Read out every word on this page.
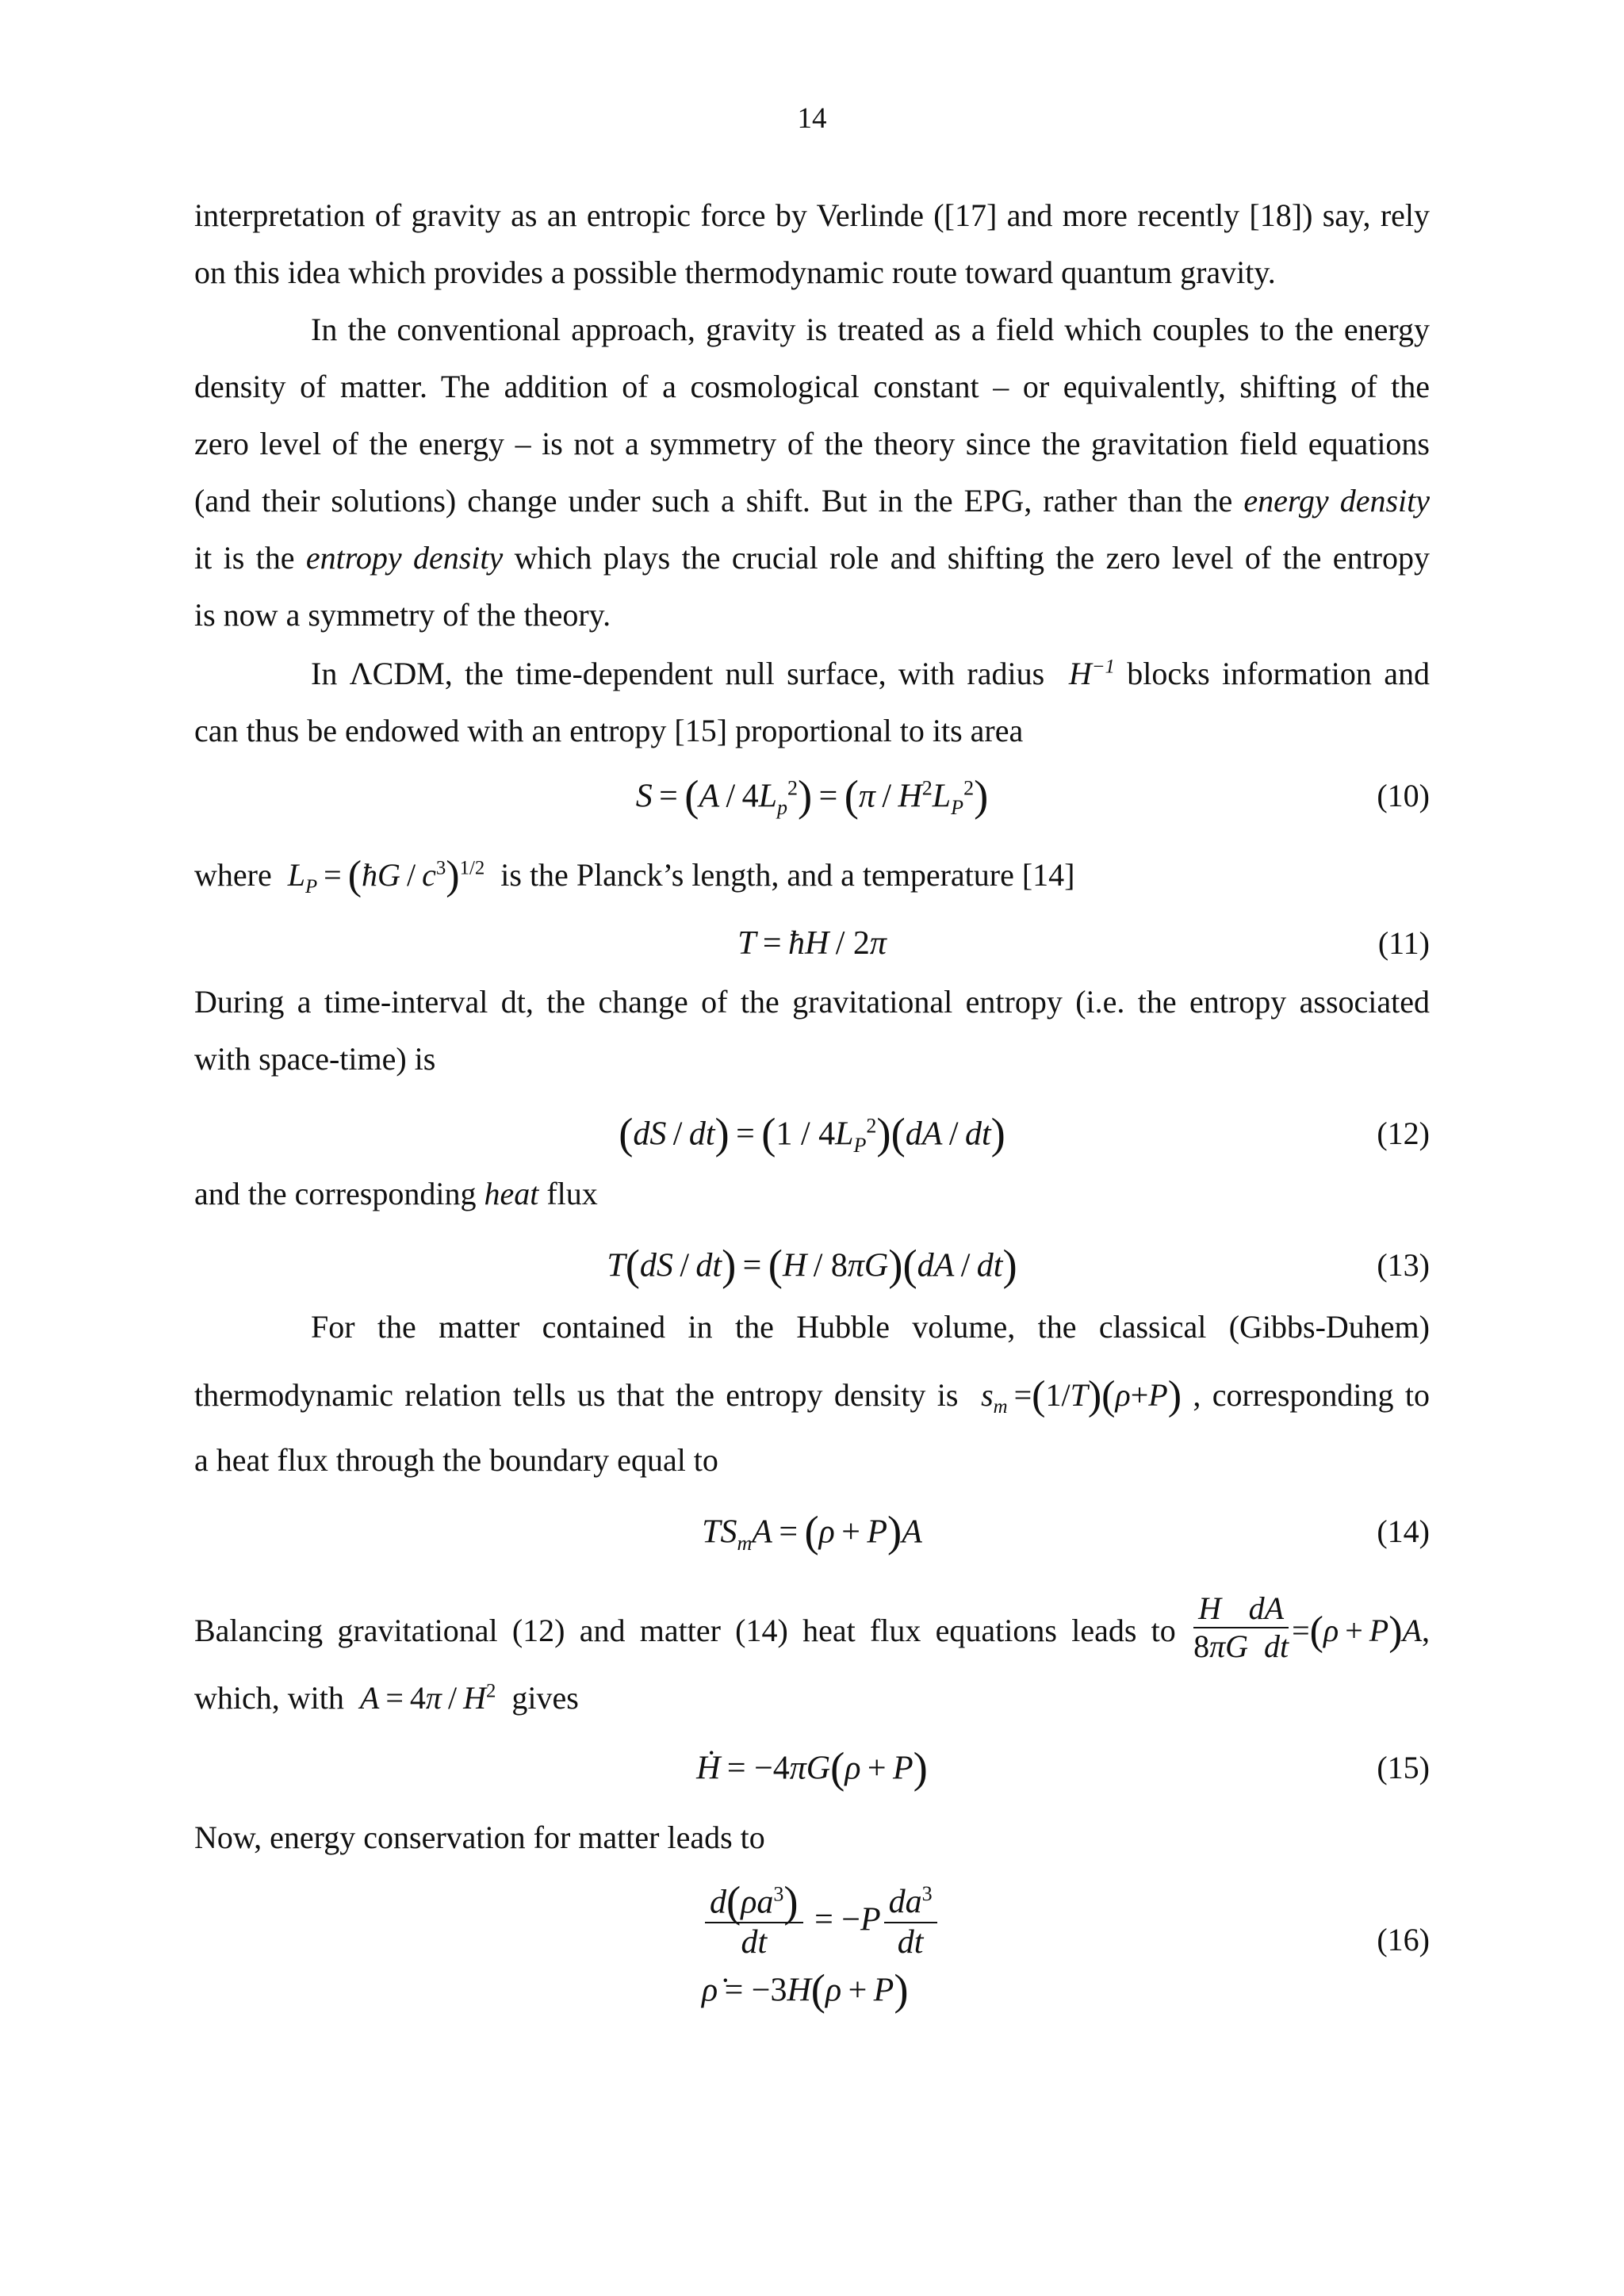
14
interpretation of gravity as an entropic force by Verlinde ([17] and more recently [18]) say, rely
on this idea which provides a possible thermodynamic route toward quantum gravity.
In the conventional approach, gravity is treated as a field which couples to the energy
density of matter. The addition of a cosmological constant – or equivalently, shifting of the
zero level of the energy – is not a symmetry of the theory since the gravitation field equations
(and their solutions) change under such a shift. But in the EPG, rather than the energy density
it is the entropy density which plays the crucial role and shifting the zero level of the entropy
is now a symmetry of the theory.
In ΛCDM, the time-dependent null surface, with radius  $H^{-1}$ blocks information and
can thus be endowed with an entropy [15] proportional to its area
$S = (A / 4L_p^2) = (\pi / H^2L_P^2)$	(10)
where  $L_P$  =  (ħG / $c^3)^{1/2}$ is the Planck’s length, and a temperature [14]
T = ħH / 2π	(11)
During a time-interval dt, the change of the gravitational entropy (i.e. the entropy associated
with space-time) is
$(dS / dt) = (1 / 4L_P^2)(dA / dt)$	(12)
and the corresponding heat flux
T(dS / dt)  =  (H / 8πG)(dA / dt)	(13)
For the matter contained in the Hubble volume, the classical (Gibbs-Duhem)
thermodynamic relation tells us that the entropy density is  $s_m =(1/T)(\rho+P)$ , corresponding to
a heat flux through the boundary equal to
$TS_mA = (\rho + P)A$	(14)
Balancing gravitational (12) and matter (14) heat flux equations leads to $\frac{\text{H   dA}}{\text{8πG  dt}} =(\rho + P)A$,
which, with  $A = 4\pi / H^2$ gives
Ḣ = −4πG(ρ + P)	(15)
Now, energy conservation for matter leads to
$\frac{d(\rho a^3)}{dt} = -P \frac{da^3}{dt}$
ρ̇ = −3H(ρ + P)
(16)
